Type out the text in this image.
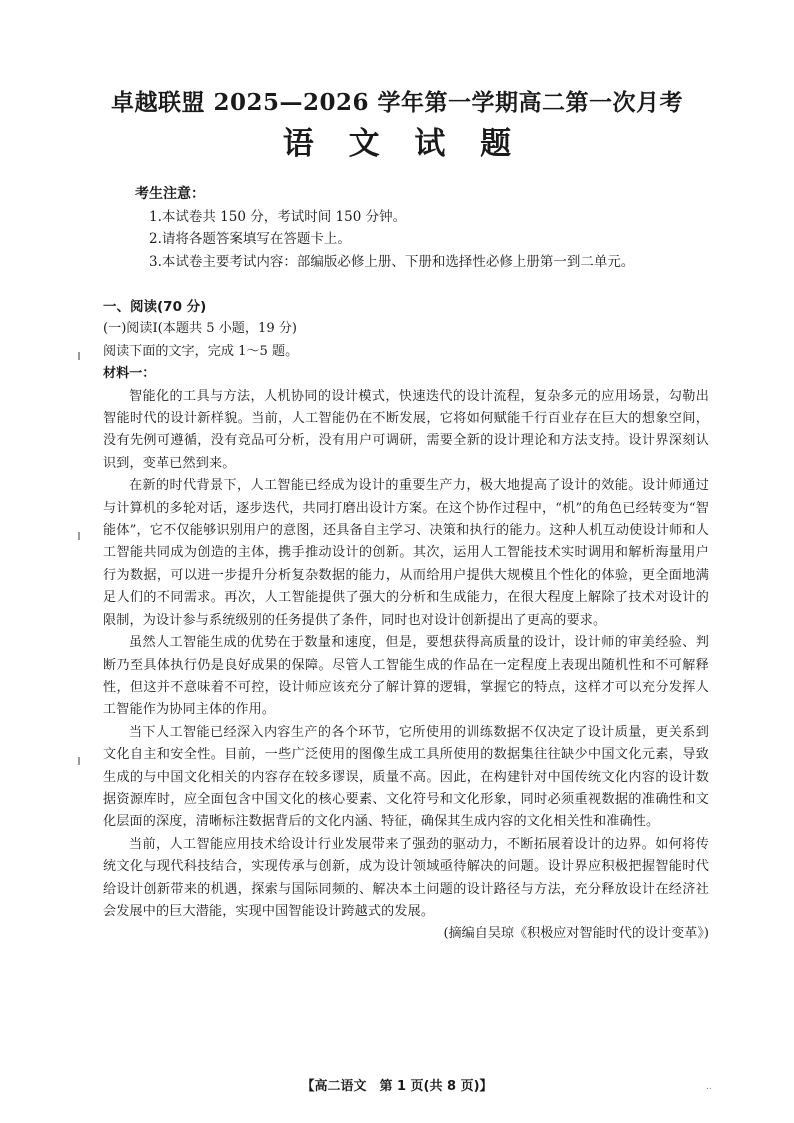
卓越联盟 2025—2026 学年第一学期高二第一次月考
语 文 试 题
考生注意：
1.本试卷共 150 分，考试时间 150 分钟。
2.请将各题答案填写在答题卡上。
3.本试卷主要考试内容：部编版必修上册、下册和选择性必修上册第一到二单元。

一、阅读(70 分)

(一)阅读Ⅰ(本题共 5 小题，19 分)

阅读下面的文字，完成 1～5 题。

材料一：

智能化的工具与方法，人机协同的设计模式，快速迭代的设计流程，复杂多元的应用场景，勾勒出智能时代的设计新样貌。当前，人工智能仍在不断发展，它将如何赋能千行百业存在巨大的想象空间，没有先例可遵循，没有竞品可分析，没有用户可调研，需要全新的设计理论和方法支持。设计界深刻认识到，变革已然到来。

在新的时代背景下，人工智能已经成为设计的重要生产力，极大地提高了设计的效能。设计师通过与计算机的多轮对话，逐步迭代，共同打磨出设计方案。在这个协作过程中，“机”的角色已经转变为“智能体”，它不仅能够识别用户的意图，还具备自主学习、决策和执行的能力。这种人机互动使设计师和人工智能共同成为创造的主体，携手推动设计的创新。其次，运用人工智能技术实时调用和解析海量用户行为数据，可以进一步提升分析复杂数据的能力，从而给用户提供大规模且个性化的体验，更全面地满足人们的不同需求。再次，人工智能提供了强大的分析和生成能力，在很大程度上解除了技术对设计的限制，为设计参与系统级别的任务提供了条件，同时也对设计创新提出了更高的要求。

虽然人工智能生成的优势在于数量和速度，但是，要想获得高质量的设计，设计师的审美经验、判断乃至具体执行仍是良好成果的保障。尽管人工智能生成的作品在一定程度上表现出随机性和不可解释性，但这并不意味着不可控，设计师应该充分了解计算的逻辑，掌握它的特点，这样才可以充分发挥人工智能作为协同主体的作用。

当下人工智能已经深入内容生产的各个环节，它所使用的训练数据不仅决定了设计质量，更关系到文化自主和安全性。目前，一些广泛使用的图像生成工具所使用的数据集往往缺少中国文化元素，导致生成的与中国文化相关的内容存在较多谬误，质量不高。因此，在构建针对中国传统文化内容的设计数据资源库时，应全面包含中国文化的核心要素、文化符号和文化形象，同时必须重视数据的准确性和文化层面的深度，清晰标注数据背后的文化内涵、特征，确保其生成内容的文化相关性和准确性。

当前，人工智能应用技术给设计行业发展带来了强劲的驱动力，不断拓展着设计的边界。如何将传统文化与现代科技结合，实现传承与创新，成为设计领域亟待解决的问题。设计界应积极把握智能时代给设计创新带来的机遇，探索与国际同频的、解决本土问题的设计路径与方法，充分释放设计在经济社会发展中的巨大潜能，实现中国智能设计跨越式的发展。

(摘编自吴琼《积极应对智能时代的设计变革》)

【高二语文　第 1 页(共 8 页)】	..
